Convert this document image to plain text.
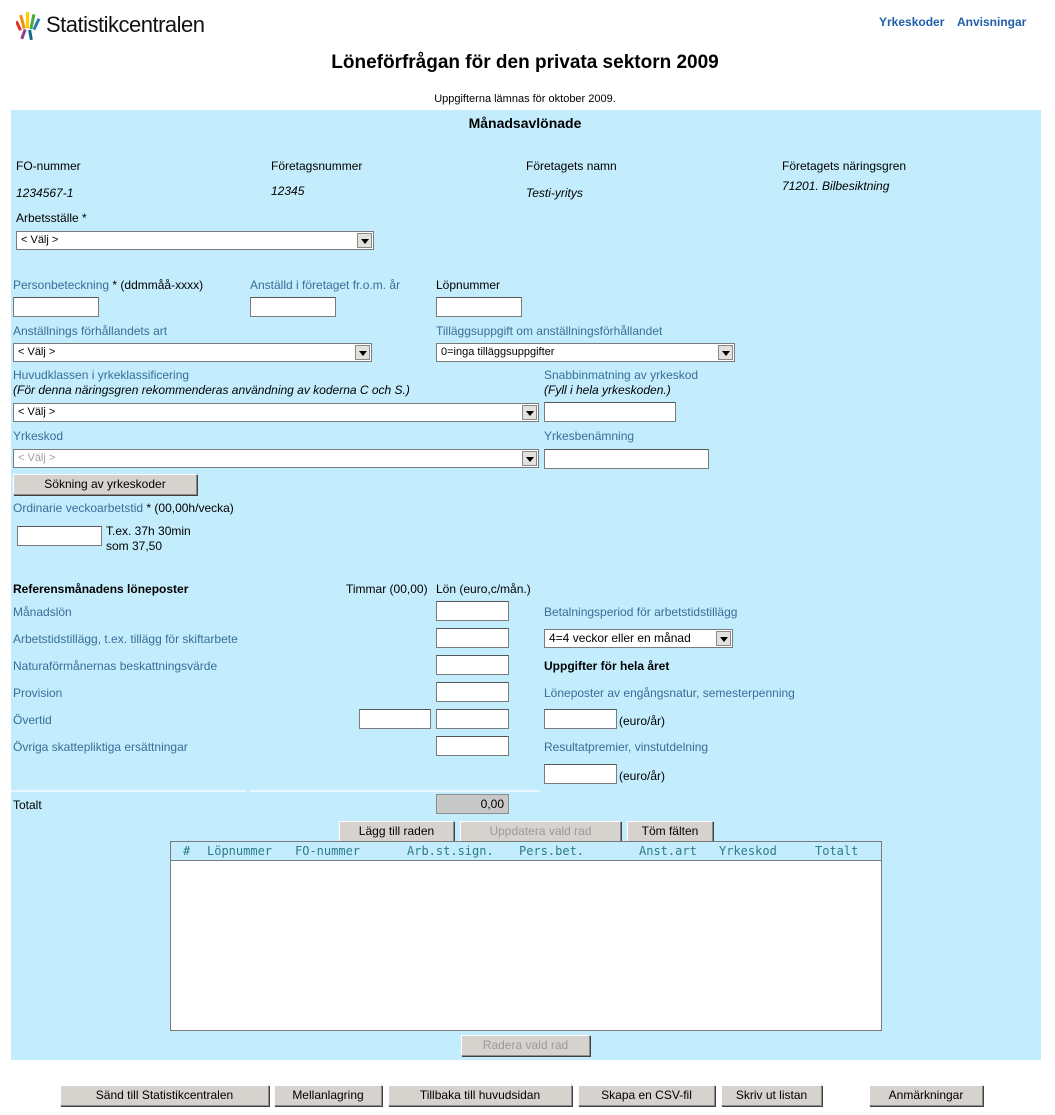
Statistikcentralen	Yrkeskoder Anvisningar
Löneförfrågan för den privata sektorn 2009
Uppgifterna lämnas för oktober 2009.
Månadsavlönade
FO-nummer
1234567-1
Företagsnummer
12345
Företagets namn
Testi-yritys
Företagets näringsgren
71201. Bilbesiktning
Arbetsställe *
< Välj >
Personbeteckning * (ddmmåå-xxxx)	Anställd i företaget fr.o.m. år	Löpnummer
Anställnings förhållandets art
< Välj >
Tilläggsuppgift om anställningsförhållandet
0=inga tilläggsuppgifter
Huvudklassen i yrkeklassificering
(För denna näringsgren rekommenderas användning av koderna C och S.)
< Välj >
Snabbinmatning av yrkeskod
(Fyll i hela yrkeskoden.)
Yrkeskod
< Välj >
Yrkesbenämning
Sökning av yrkeskoder
Ordinarie veckoarbetstid * (00,00h/vecka)
T.ex. 37h 30min
som 37,50
Referensmånadens löneposter	Timmar (00,00) Lön (euro,c/mån.)
Månadslön
Arbetstidstillägg, t.ex. tillägg för skiftarbete
Naturaförmånernas beskattningsvärde
Provision
Övertid
Övriga skattepliktiga ersättningar
Totalt	0,00
Betalningsperiod för arbetstidstillägg
4=4 veckor eller en månad
Uppgifter för hela året
Löneposter av engångsnatur, semesterpenning
(euro/år)
Resultatpremier, vinstutdelning
(euro/år)
Lägg till raden	Uppdatera vald rad	Töm fälten
# Löpnummer FO-nummer	Arb.st.sign. Pers.bet.	Anst.art Yrkeskod	Totalt
Radera vald rad
Sänd till Statistikcentralen	Mellanlagring	Tillbaka till huvudsidan	Skapa en CSV-fil	Skriv ut listan	Anmärkningar
